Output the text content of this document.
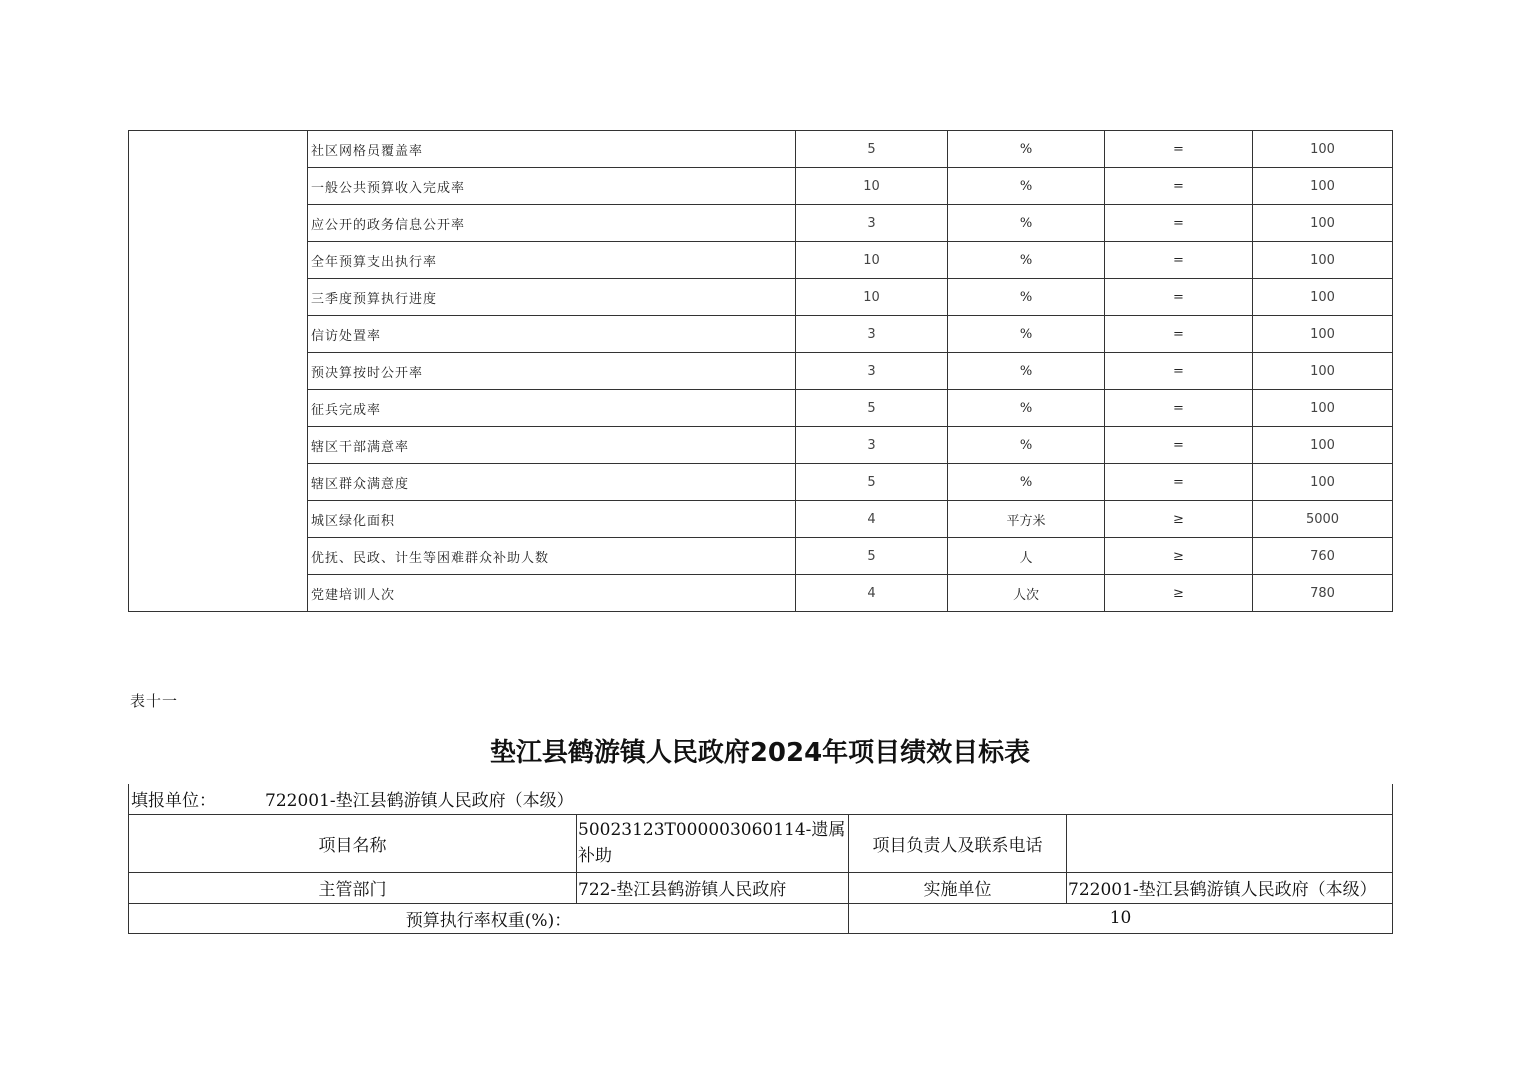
	社区网格员覆盖率	5	%	=	100
	一般公共预算收入完成率	10	%	=	100
	应公开的政务信息公开率	3	%	=	100
	全年预算支出执行率	10	%	=	100
	三季度预算执行进度	10	%	=	100
	信访处置率	3	%	=	100
	预决算按时公开率	3	%	=	100
	征兵完成率	5	%	=	100
	辖区干部满意率	3	%	=	100
	辖区群众满意度	5	%	=	100
	城区绿化面积	4	平方米	≥	5000
	优抚、民政、计生等困难群众补助人数	5	人	≥	760
	党建培训人次	4	人次	≥	780
表十一
垫江县鹤游镇人民政府2024年项目绩效目标表
填报单位： 722001-垫江县鹤游镇人民政府（本级）			
项目名称	50023123T000003060114-遗属补助	项目负责人及联系电话	
主管部门	722-垫江县鹤游镇人民政府	实施单位	722001-垫江县鹤游镇人民政府（本级）
预算执行率权重(%)：		10	
